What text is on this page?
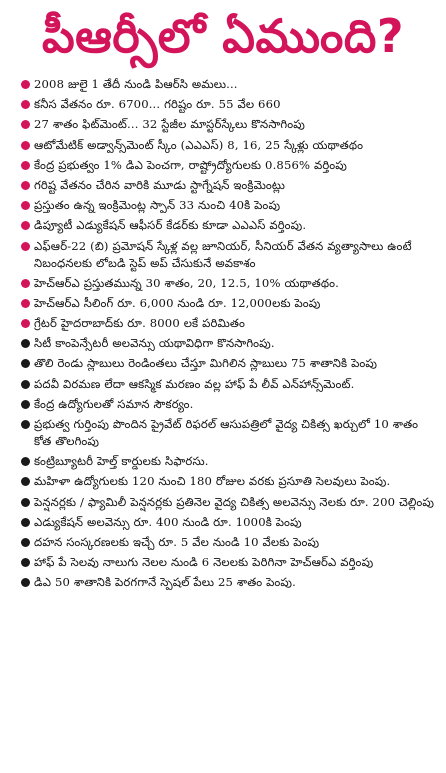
పీఆర్సీలో ఏముంది?
2008 జులై 1 తేదీ నుండి పిఆర్‌సి అమలు...
కనీస వేతనం రూ. 6700... గరిష్టం రూ. 55 వేల 660
27 శాతం ఫిట్‌మెంట్‌... 32 స్టేజీల మాస్టర్‌స్కేలు కొనసాగింపు
ఆటోమేటిక్‌ అడ్వాన్స్‌మెంట్‌ స్కీం (ఎఎఎస్‌) 8, 16, 25 స్కేళ్లు యథాతథం
కేంద్ర ప్రభుత్వం 1% డిఎ పెంచగా, రాష్ట్రోద్యోగులకు 0.856% వర్తింపు
గరిష్ట వేతనం చేరిన వారికి మూడు స్టాగ్నేషన్‌ ఇంక్రిమెంట్లు
ప్రస్తుతం ఉన్న ఇంక్రిమెంట్ల స్పాన్‌ 33 నుంచి 40కి పెంపు
డిప్యూటీ ఎడ్యుకేషన్‌ ఆఫీసర్‌ కేడర్‌కు కూడా ఎఎఎస్‌ వర్తింపు.
ఎఫ్‌ఆర్‌-22 (బి) ప్రమోషన్‌ స్కేళ్ల వల్ల జూనియర్‌, సీనియర్‌ వేతన వ్యత్యాసాలు ఉంటే నిబంధనలకు లోబడి స్టెప్‌ అప్‌ చేసుకునే అవకాశం
హెచ్‌ఆర్‌ఎ ప్రస్తుతమున్న 30 శాతం, 20, 12.5, 10% యథాతథం.
హెచ్‌ఆర్‌ఎ సీలింగ్‌ రూ. 6,000 నుండి రూ. 12,000లకు పెంపు
గ్రేటర్‌ హైదరాబాద్‌కు రూ. 8000 లకే పరిమితం
సిటీ కాంపెన్సేటరీ అలవెన్సు యథావిధిగా కొనసాగింపు.
తొలి రెండు స్లాబులు రెండింతలు చేస్తూ మిగిలిన స్లాబులు 75 శాతానికి పెంపు
పదవీ విరమణ లేదా ఆకస్మిక మరణం వల్ల హాఫ్‌ పే లీవ్‌ ఎన్‌హాన్స్‌మెంట్‌.
కేంద్ర ఉద్యోగులతో సమాన సౌకర్యం.
ప్రభుత్వ గుర్తింపు పొందిన ప్రైవేట్‌ రిఫరల్‌ ఆసుపత్రిలో వైద్య చికిత్స ఖర్చులో 10 శాతం కోత తొలగింపు
కంట్రిబ్యూటరీ హెల్త్‌ కార్డులకు సిఫారసు.
మహిళా ఉద్యోగులకు 120 నుంచి 180 రోజుల వరకు ప్రసూతి సెలవులు పెంపు.
పెన్షనర్లకు / ఫ్యామిలీ పెన్షనర్లకు ప్రతినెల వైద్య చికిత్స అలవెన్సు నెలకు రూ. 200 చెల్లింపు
ఎడ్యుకేషన్‌ అలవెన్సు రూ. 400 నుండి రూ. 1000కి పెంపు
దహన సంస్కరణలకు ఇచ్చే రూ. 5 వేల నుండి 10 వేలకు పెంపు
హాఫ్‌ పే సెలవు నాలుగు నెలల నుండి 6 నెలలకు పెరిగినా హెచ్‌ఆర్‌ఎ వర్తింపు
డిఎ 50 శాతానికి పెరగగానే స్పెషల్‌ పేలు 25 శాతం పెంపు.
